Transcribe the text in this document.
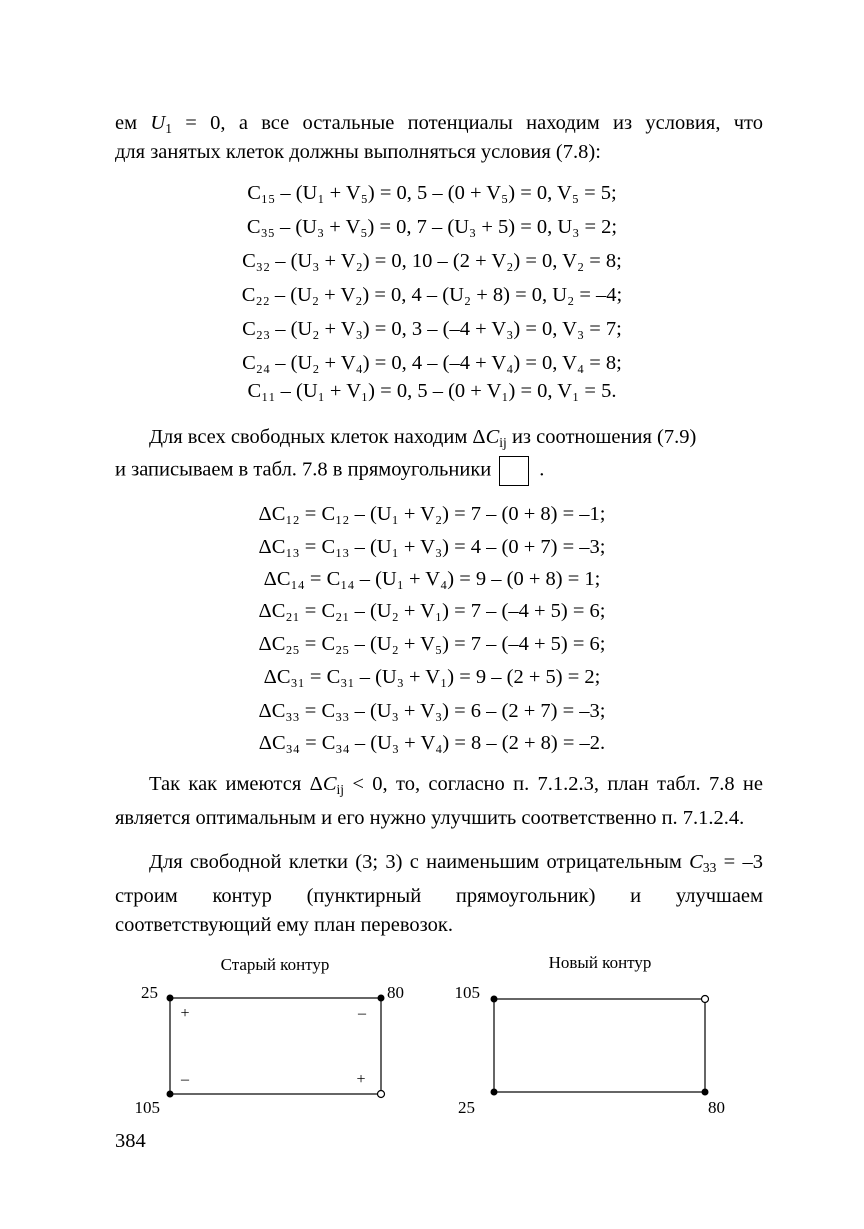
ем $U_1 = 0$, а все остальные потенциалы находим из условия, что
для занятых клеток должны выполняться условия (7.8):
C₁₅ – (U₁ + V₅) = 0, 5 – (0 + V₅) = 0, V₅ = 5;
C₃₅ – (U₃ + V₅) = 0, 7 – (U₃ + 5) = 0, U₃ = 2;
C₃₂ – (U₃ + V₂) = 0, 10 – (2 + V₂) = 0, V₂ = 8;
C₂₂ – (U₂ + V₂) = 0, 4 – (U₂ + 8) = 0, U₂ = –4;
C₂₃ – (U₂ + V₃) = 0, 3 – (–4 + V₃) = 0, V₃ = 7;
C₂₄ – (U₂ + V₄) = 0, 4 – (–4 + V₄) = 0, V₄ = 8;
C₁₁ – (U₁ + V₁) = 0, 5 – (0 + V₁) = 0, V₁ = 5.
Для всех свободных клеток находим $\Delta C_{ij}$ из соотношения (7.9)
и записываем в табл. 7.8 в прямоугольники .
ΔC₁₂ = C₁₂ – (U₁ + V₂) = 7 – (0 + 8) = –1;
ΔC₁₃ = C₁₃ – (U₁ + V₃) = 4 – (0 + 7) = –3;
ΔC₁₄ = C₁₄ – (U₁ + V₄) = 9 – (0 + 8) = 1;
ΔC₂₁ = C₂₁ – (U₂ + V₁) = 7 – (–4 + 5) = 6;
ΔC₂₅ = C₂₅ – (U₂ + V₅) = 7 – (–4 + 5) = 6;
ΔC₃₁ = C₃₁ – (U₃ + V₁) = 9 – (2 + 5) = 2;
ΔC₃₃ = C₃₃ – (U₃ + V₃) = 6 – (2 + 7) = –3;
ΔC₃₄ = C₃₄ – (U₃ + V₄) = 8 – (2 + 8) = –2.
Так как имеются $\Delta C_{ij} < 0$, то, согласно п. 7.1.2.3, план табл. 7.8 не является оптимальным и его нужно улучшить соответственно п. 7.1.2.4.
Для свободной клетки (3; 3) с наименьшим отрицательным $C_{33} = -3$ строим контур (пунктирный прямоугольник) и улучшаем соответствующий ему план перевозок.
Старый контур
25	80
105
+	–
–	+
Новый контур
105
25	80
384
